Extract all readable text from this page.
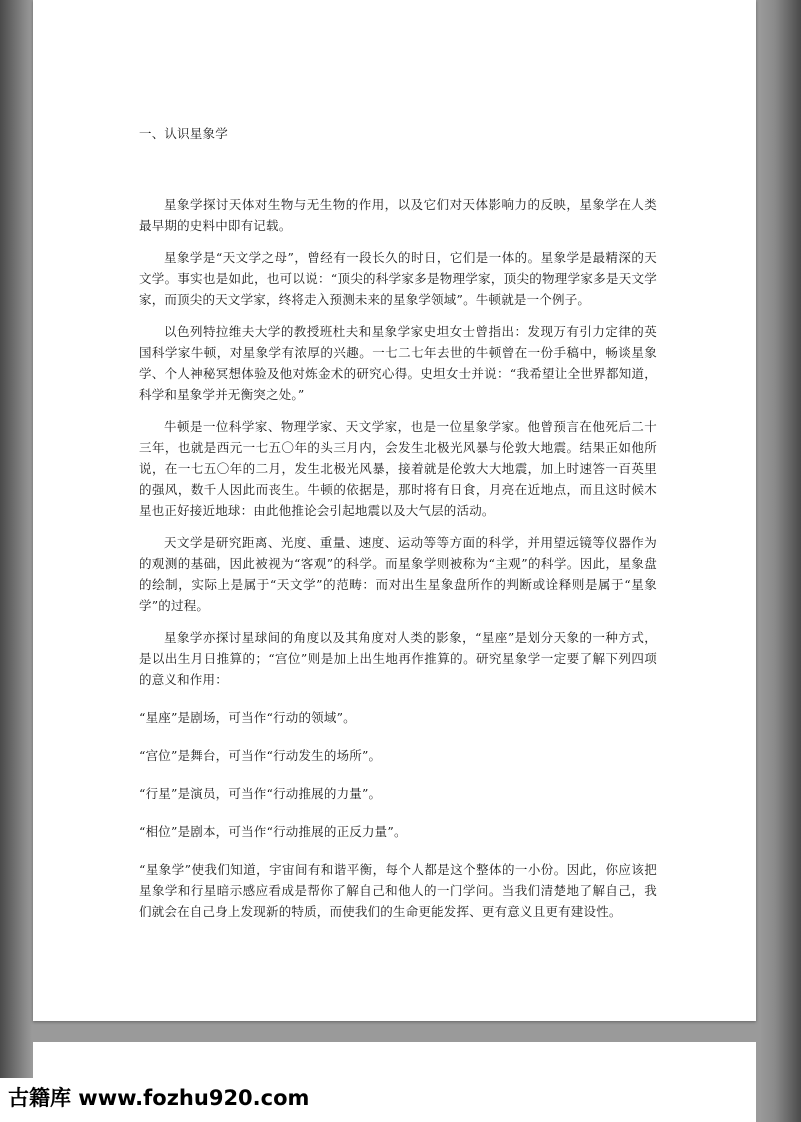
一、认识星象学

星象学探讨天体对生物与无生物的作用，以及它们对天体影响力的反映，星象学在人类最早期的史料中即有记载。

星象学是“天文学之母”，曾经有一段长久的时日，它们是一体的。星象学是最精深的天文学。事实也是如此，也可以说：“顶尖的科学家多是物理学家，顶尖的物理学家多是天文学家，而顶尖的天文学家，终将走入预测未来的星象学领域”。牛顿就是一个例子。

以色列特拉维夫大学的教授班杜夫和星象学家史坦女士曾指出：发现万有引力定律的英国科学家牛顿，对星象学有浓厚的兴趣。一七二七年去世的牛顿曾在一份手稿中，畅谈星象学、个人神秘冥想体验及他对炼金术的研究心得。史坦女士并说：“我希望让全世界都知道，科学和星象学并无衡突之处。”

牛顿是一位科学家、物理学家、天文学家，也是一位星象学家。他曾预言在他死后二十三年，也就是西元一七五〇年的头三月内，会发生北极光风暴与伦敦大地震。结果正如他所说，在一七五〇年的二月，发生北极光风暴，接着就是伦敦大大地震，加上时速答一百英里的强风，数千人因此而丧生。牛顿的依据是，那时将有日食，月亮在近地点，而且这时候木星也正好接近地球：由此他推论会引起地震以及大气层的活动。

天文学是研究距离、光度、重量、速度、运动等等方面的科学，并用望远镜等仪器作为的观测的基础，因此被视为“客观”的科学。而星象学则被称为“主观”的科学。因此，星象盘的绘制，实际上是属于“天文学”的范畴：而对出生星象盘所作的判断或诠释则是属于“星象学”的过程。

星象学亦探讨星球间的角度以及其角度对人类的影象，“星座”是划分天象的一种方式，是以出生月日推算的；“宫位”则是加上出生地再作推算的。研究星象学一定要了解下列四项的意义和作用：

“星座”是剧场，可当作“行动的领域”。

“宫位”是舞台，可当作“行动发生的场所”。

“行星”是演员，可当作“行动推展的力量”。

“相位”是剧本，可当作“行动推展的正反力量”。

“星象学”使我们知道，宇宙间有和谐平衡，每个人都是这个整体的一小份。因此，你应该把星象学和行星暗示感应看成是帮你了解自己和他人的一门学问。当我们清楚地了解自己，我们就会在自己身上发现新的特质，而使我们的生命更能发挥、更有意义且更有建设性。

古籍库 www.fozhu920.com
